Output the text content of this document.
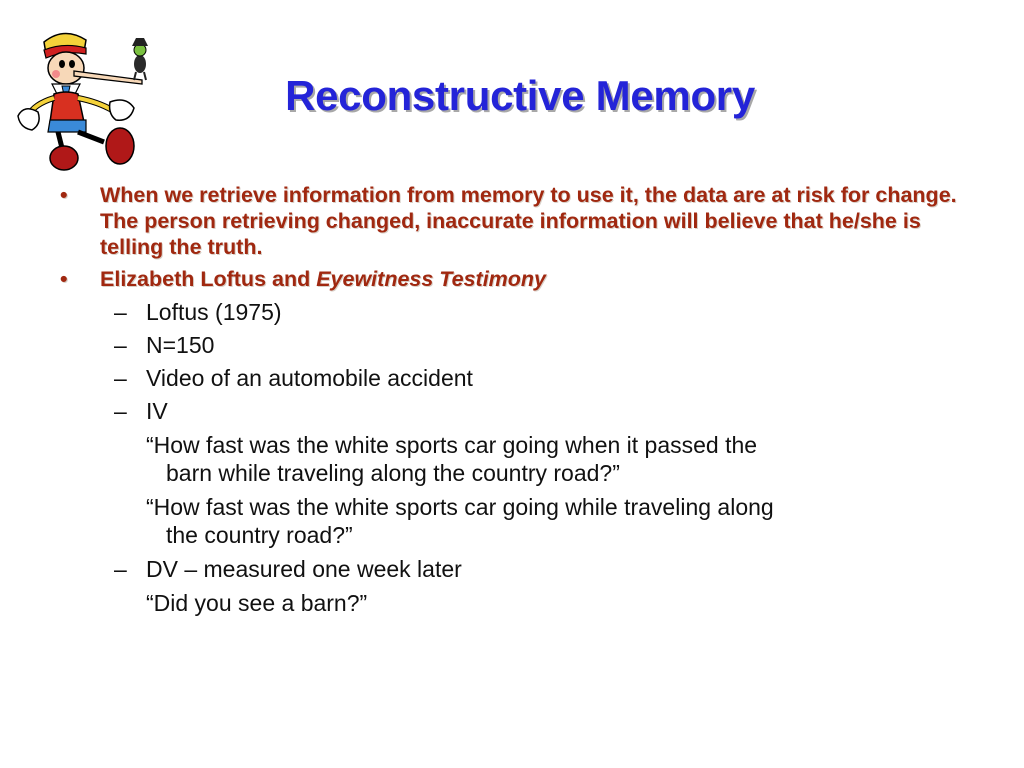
Reconstructive Memory
• When we retrieve information from memory to use it, the data are at risk for change. The person retrieving changed, inaccurate information will believe that he/she is telling the truth.
• Elizabeth Loftus and Eyewitness Testimony
– Loftus (1975)
– N=150
– Video of an automobile accident
– IV
“How fast was the white sports car going when it passed the barn while traveling along the country road?”
“How fast was the white sports car going while traveling along the country road?”
– DV – measured one week later
“Did you see a barn?”
